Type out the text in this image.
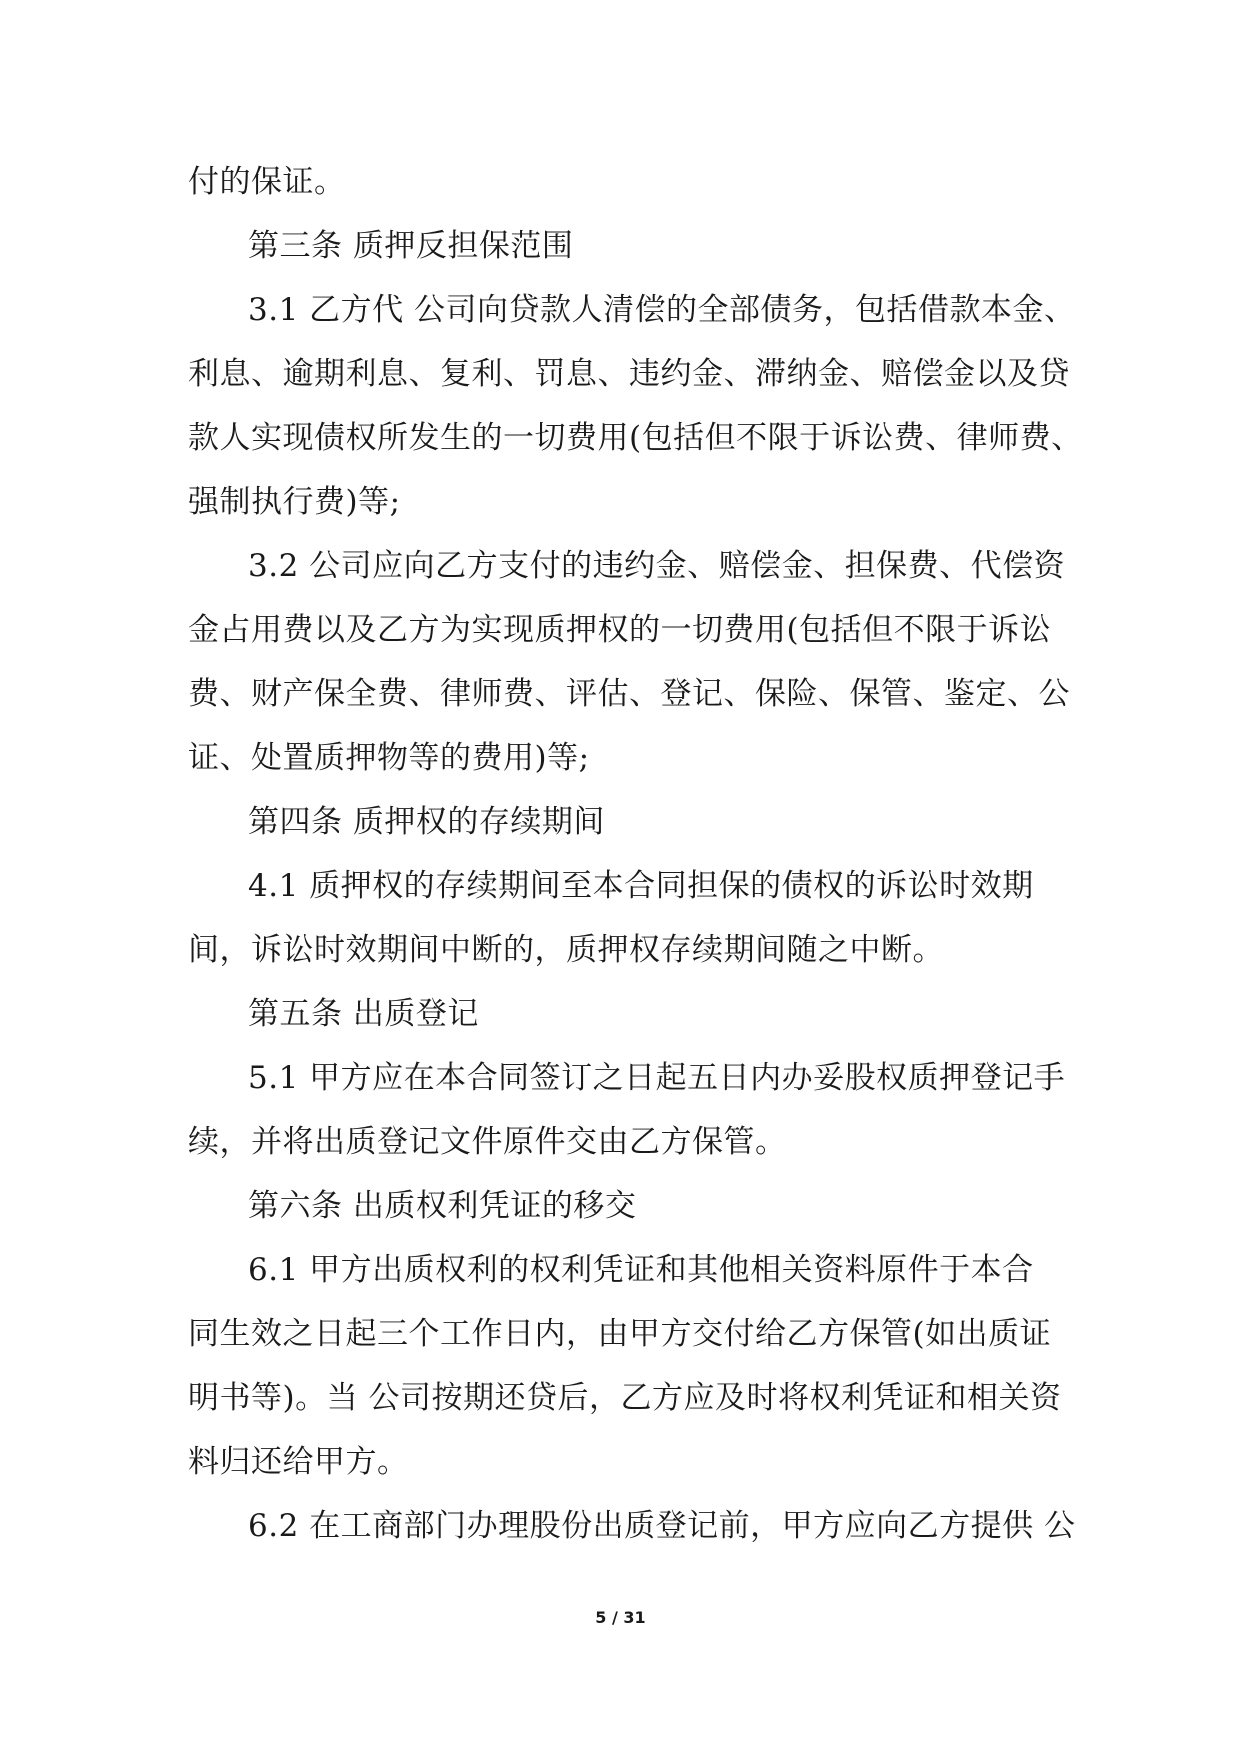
付的保证。
第三条 质押反担保范围
3.1 乙方代 公司向贷款人清偿的全部债务，包括借款本金、
利息、逾期利息、复利、罚息、违约金、滞纳金、赔偿金以及贷
款人实现债权所发生的一切费用(包括但不限于诉讼费、律师费、
强制执行费)等;
3.2 公司应向乙方支付的违约金、赔偿金、担保费、代偿资
金占用费以及乙方为实现质押权的一切费用(包括但不限于诉讼
费、财产保全费、律师费、评估、登记、保险、保管、鉴定、公
证、处置质押物等的费用)等;
第四条 质押权的存续期间
4.1 质押权的存续期间至本合同担保的债权的诉讼时效期
间，诉讼时效期间中断的，质押权存续期间随之中断。
第五条 出质登记
5.1 甲方应在本合同签订之日起五日内办妥股权质押登记手
续，并将出质登记文件原件交由乙方保管。
第六条 出质权利凭证的移交
6.1 甲方出质权利的权利凭证和其他相关资料原件于本合
同生效之日起三个工作日内，由甲方交付给乙方保管(如出质证
明书等)。当 公司按期还贷后，乙方应及时将权利凭证和相关资
料归还给甲方。
6.2 在工商部门办理股份出质登记前，甲方应向乙方提供 公
5 / 31
